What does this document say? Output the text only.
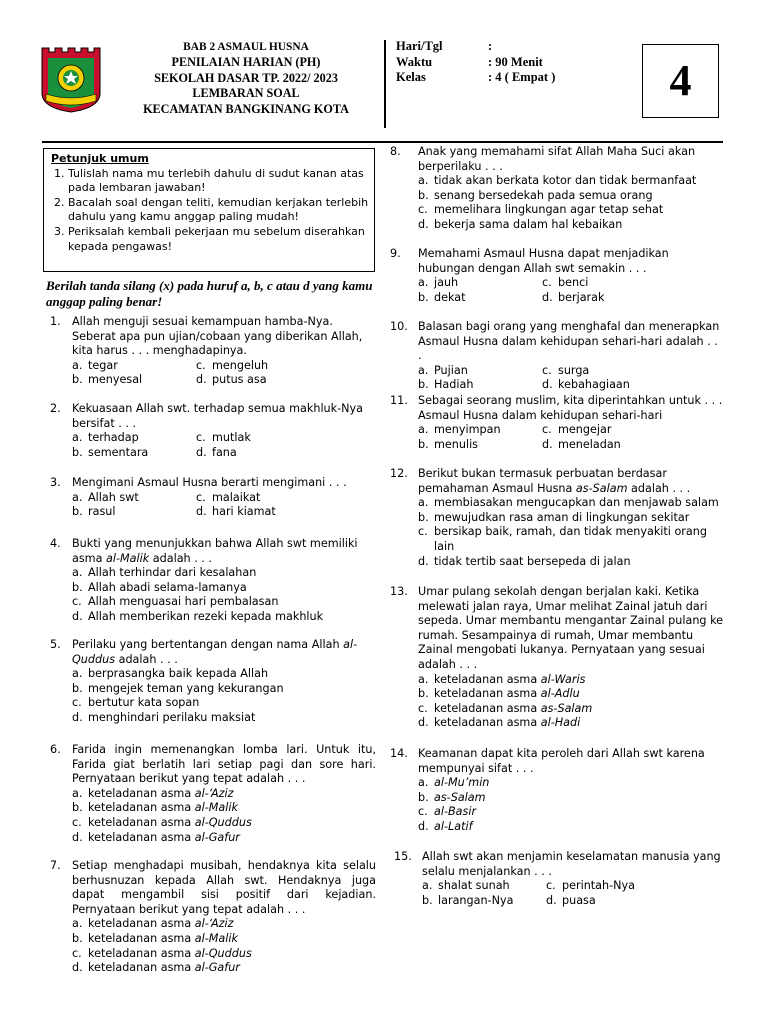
BAB 2 ASMAUL HUSNA
PENILAIAN HARIAN (PH)
SEKOLAH DASAR TP. 2022/ 2023
LEMBARAN SOAL
KECAMATAN BANGKINANG KOTA
Hari/Tgl	:
Waktu	: 90 Menit
Kelas	: 4 ( Empat )	4
Petunjuk umum
1. Tulislah nama mu terlebih dahulu di sudut kanan atas pada lembaran jawaban!
2. Bacalah soal dengan teliti, kemudian kerjakan terlebih dahulu yang kamu anggap paling mudah!
3. Periksalah kembali pekerjaan mu sebelum diserahkan kepada pengawas!
Berilah tanda silang (x) pada huruf a, b, c atau d yang kamu anggap paling benar!
1.	Allah menguji sesuai kemampuan hamba-Nya. Seberat apa pun ujian/cobaan yang diberikan Allah, kita harus . . . menghadapinya.
a. tegar	c. mengeluh
b. menyesal	d. putus asa
2.	Kekuasaan Allah swt. terhadap semua makhluk-Nya bersifat . . .
a. terhadap	c. mutlak
b. sementara	d. fana
3.	Mengimani Asmaul Husna berarti mengimani . . .
a. Allah swt	c. malaikat
b. rasul	d. hari kiamat
4.	Bukti yang menunjukkan bahwa Allah swt memiliki asma al-Malik adalah . . .
a. Allah terhindar dari kesalahan
b. Allah abadi selama-lamanya
c. Allah menguasai hari pembalasan
d. Allah memberikan rezeki kepada makhluk
5.	Perilaku yang bertentangan dengan nama Allah al-Quddus adalah . . .
a. berprasangka baik kepada Allah
b. mengejek teman yang kekurangan
c. bertutur kata sopan
d. menghindari perilaku maksiat
6.	Farida ingin memenangkan lomba lari. Untuk itu, Farida giat berlatih lari setiap pagi dan sore hari. Pernyataan berikut yang tepat adalah . . .
a. keteladanan asma al-‘Aziz
b. keteladanan asma al-Malik
c. keteladanan asma al-Quddus
d. keteladanan asma al-Gafur
7.	Setiap menghadapi musibah, hendaknya kita selalu berhusnuzan kepada Allah swt. Hendaknya juga dapat mengambil sisi positif dari kejadian. Pernyataan berikut yang tepat adalah . . .
a. keteladanan asma al-‘Aziz
b. keteladanan asma al-Malik
c. keteladanan asma al-Quddus
d. keteladanan asma al-Gafur
8.	Anak yang memahami sifat Allah Maha Suci akan berperilaku . . .
a. tidak akan berkata kotor dan tidak bermanfaat
b. senang bersedekah pada semua orang
c. memelihara lingkungan agar tetap sehat
d. bekerja sama dalam hal kebaikan
9.	Memahami Asmaul Husna dapat menjadikan hubungan dengan Allah swt semakin . . .
a. jauh	c. benci
b. dekat	d. berjarak
10. Balasan bagi orang yang menghafal dan menerapkan Asmaul Husna dalam kehidupan sehari-hari adalah . . .
a. Pujian	c. surga
b. Hadiah	d. kebahagiaan
11. Sebagai seorang muslim, kita diperintahkan untuk . . . Asmaul Husna dalam kehidupan sehari-hari
a. menyimpan	c. mengejar
b. menulis	d. meneladan
12. Berikut bukan termasuk perbuatan berdasar pemahaman Asmaul Husna as-Salam adalah . . .
a. membiasakan mengucapkan dan menjawab salam
b. mewujudkan rasa aman di lingkungan sekitar
c. bersikap baik, ramah, dan tidak menyakiti orang lain
d. tidak tertib saat bersepeda di jalan
13. Umar pulang sekolah dengan berjalan kaki. Ketika melewati jalan raya, Umar melihat Zainal jatuh dari sepeda. Umar membantu mengantar Zainal pulang ke rumah. Sesampainya di rumah, Umar membantu Zainal mengobati lukanya. Pernyataan yang sesuai adalah . . .
a. keteladanan asma al-Waris
b. keteladanan asma al-Adlu
c. keteladanan asma as-Salam
d. keteladanan asma al-Hadi
14. Keamanan dapat kita peroleh dari Allah swt karena mempunyai sifat . . .
a. al-Mu’min
b. as-Salam
c. al-Basir
d. al-Latif
15. Allah swt akan menjamin keselamatan manusia yang selalu menjalankan . . .
a. shalat sunah	c. perintah-Nya
b. larangan-Nya	d. puasa
